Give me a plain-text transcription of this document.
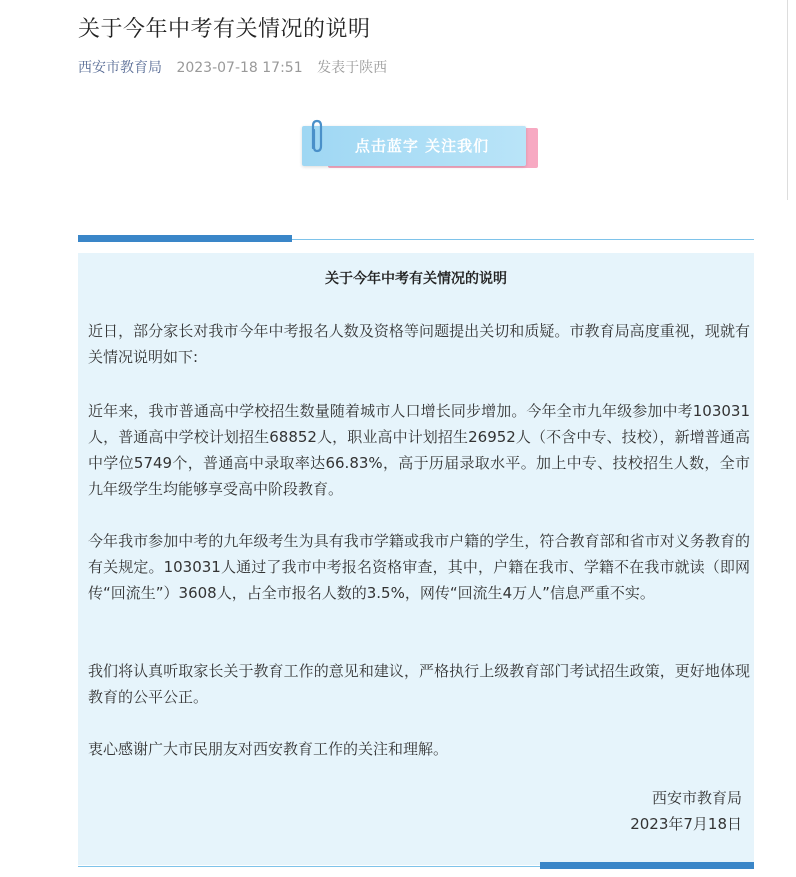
关于今年中考有关情况的说明
西安市教育局 2023-07-18 17:51 发表于陕西
点击蓝字 关注我们
关于今年中考有关情况的说明

近日，部分家长对我市今年中考报名人数及资格等问题提出关切和质疑。市教育局高度重视，现就有关情况说明如下:

近年来，我市普通高中学校招生数量随着城市人口增长同步增加。今年全市九年级参加中考103031人，普通高中学校计划招生68852人，职业高中计划招生26952人（不含中专、技校），新增普通高中学位5749个，普通高中录取率达66.83%，高于历届录取水平。加上中专、技校招生人数，全市九年级学生均能够享受高中阶段教育。

今年我市参加中考的九年级考生为具有我市学籍或我市户籍的学生，符合教育部和省市对义务教育的有关规定。103031人通过了我市中考报名资格审查，其中，户籍在我市、学籍不在我市就读（即网传“回流生”）3608人，占全市报名人数的3.5%，网传“回流生4万人”信息严重不实。

我们将认真听取家长关于教育工作的意见和建议，严格执行上级教育部门考试招生政策，更好地体现教育的公平公正。

衷心感谢广大市民朋友对西安教育工作的关注和理解。

西安市教育局
2023年7月18日
